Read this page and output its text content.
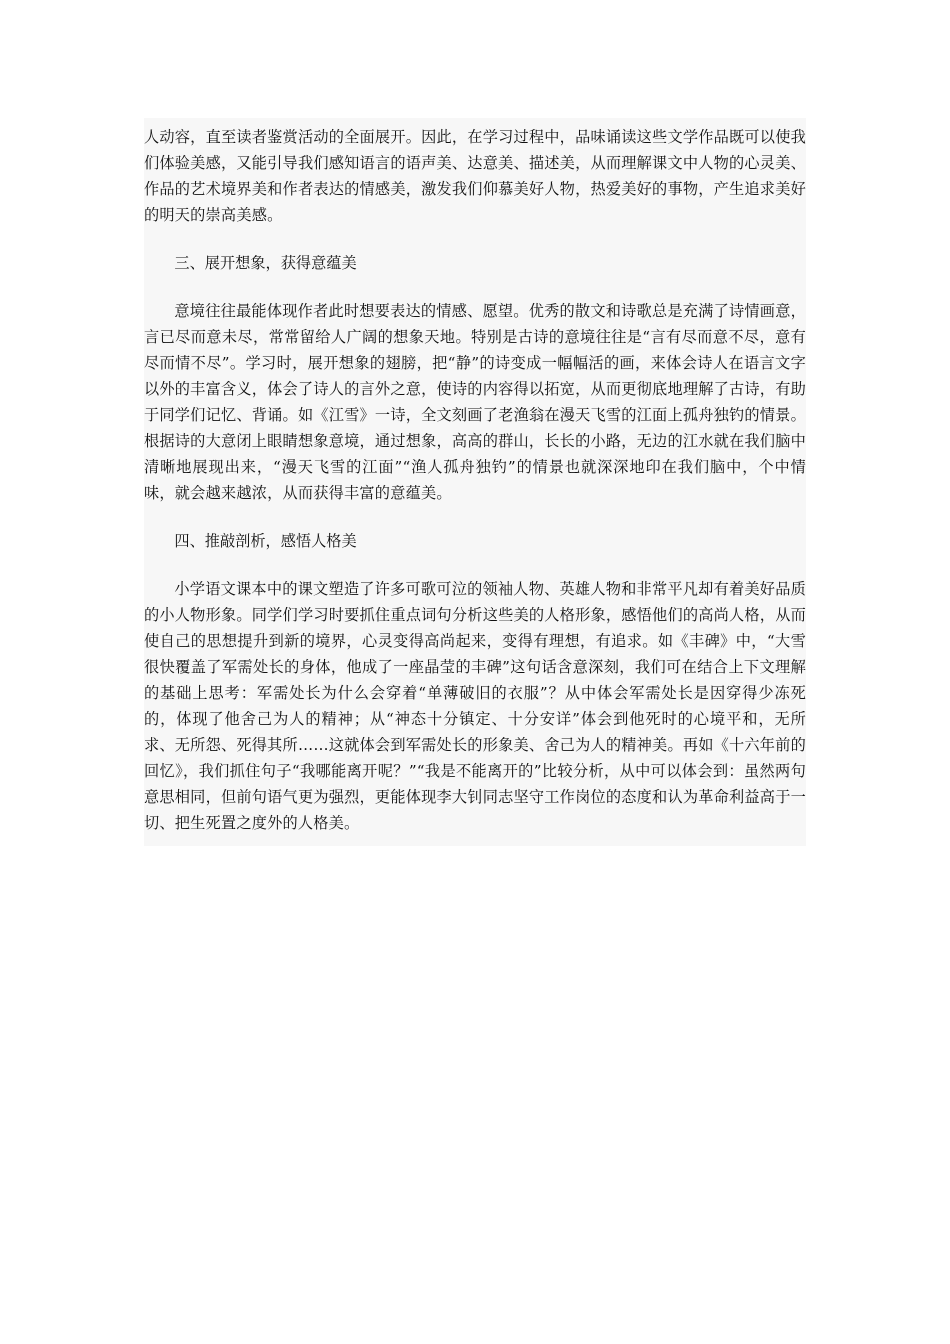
人动容，直至读者鉴赏活动的全面展开。因此，在学习过程中，品味诵读这些文学作品既可以使我们体验美感，又能引导我们感知语言的语声美、达意美、描述美，从而理解课文中人物的心灵美、作品的艺术境界美和作者表达的情感美，激发我们仰慕美好人物，热爱美好的事物，产生追求美好的明天的崇高美感。

三、展开想象，获得意蕴美

意境往往最能体现作者此时想要表达的情感、愿望。优秀的散文和诗歌总是充满了诗情画意，言已尽而意未尽，常常留给人广阔的想象天地。特别是古诗的意境往往是“言有尽而意不尽，意有尽而情不尽”。学习时，展开想象的翅膀，把“静”的诗变成一幅幅活的画，来体会诗人在语言文字以外的丰富含义，体会了诗人的言外之意，使诗的内容得以拓宽，从而更彻底地理解了古诗，有助于同学们记忆、背诵。如《江雪》一诗，全文刻画了老渔翁在漫天飞雪的江面上孤舟独钓的情景。根据诗的大意闭上眼睛想象意境，通过想象，高高的群山，长长的小路，无边的江水就在我们脑中清晰地展现出来，“漫天飞雪的江面”“渔人孤舟独钓”的情景也就深深地印在我们脑中，个中情味，就会越来越浓，从而获得丰富的意蕴美。

四、推敲剖析，感悟人格美

小学语文课本中的课文塑造了许多可歌可泣的领袖人物、英雄人物和非常平凡却有着美好品质的小人物形象。同学们学习时要抓住重点词句分析这些美的人格形象，感悟他们的高尚人格，从而使自己的思想提升到新的境界，心灵变得高尚起来，变得有理想，有追求。如《丰碑》中，“大雪很快覆盖了军需处长的身体，他成了一座晶莹的丰碑”这句话含意深刻，我们可在结合上下文理解的基础上思考：军需处长为什么会穿着“单薄破旧的衣服”？从中体会军需处长是因穿得少冻死的，体现了他舍己为人的精神；从“神态十分镇定、十分安详”体会到他死时的心境平和，无所求、无所怨、死得其所……这就体会到军需处长的形象美、舍己为人的精神美。再如《十六年前的回忆》，我们抓住句子“我哪能离开呢？”“我是不能离开的”比较分析，从中可以体会到：虽然两句意思相同，但前句语气更为强烈，更能体现李大钊同志坚守工作岗位的态度和认为革命利益高于一切、把生死置之度外的人格美。
